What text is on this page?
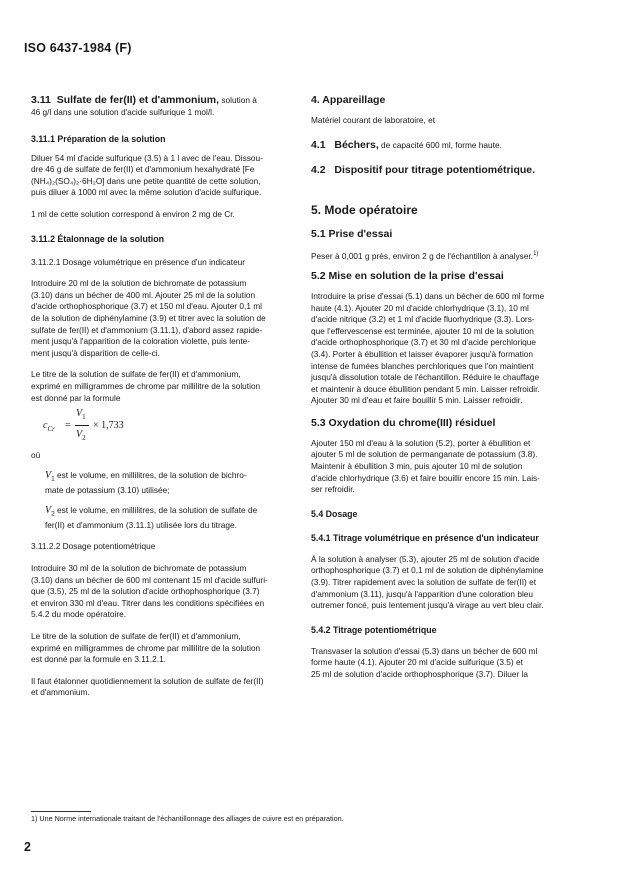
ISO 6437-1984 (F)

3.11 Sulfate de fer(II) et d'ammonium, solution à

46 g/l dans une solution d'acide sulfurique 1 mol/l.

3.11.1 Préparation de la solution

Diluer 54 ml d'acide sulfurique (3.5) à 1 l avec de l'eau. Dissou-

dre 46 g de sulfate de fer(II) et d'ammonium hexahydraté [Fe

(NH₄)₂(SO₄)₂·6H₂O] dans une petite quantité de cette solution,

puis diluer à 1000 ml avec la même solution d'acide sulfurique.

1 ml de cette solution correspond à environ 2 mg de Cr.

3.11.2 Étalonnage de la solution

3.11.2.1 Dosage volumétrique en présence d'un indicateur

Introduire 20 ml de la solution de bichromate de potassium

(3.10) dans un bécher de 400 ml. Ajouter 25 ml de la solution

d'acide orthophosphorique (3.7) et 150 ml d'eau. Ajouter 0,1 ml

de la solution de diphénylamine (3.9) et titrer avec la solution de

sulfate de fer(II) et d'ammonium (3.11.1), d'abord assez rapide-

ment jusqu'à l'apparition de la coloration violette, puis lente-

ment jusqu'à disparition de celle-ci.

Le titre de la solution de sulfate de fer(II) et d'ammonium,

exprimé en milligrammes de chrome par millilitre de la solution

est donné par la formule

$c_{Cr}$ =
$V_1$
$V_2$
× 1,733

où

$V_1$ est le volume, en millilitres, de la solution de bichro-

mate de potassium (3.10) utilisée;

$V_2$ est le volume, en millilitres, de la solution de sulfate de

fer(II) et d'ammonium (3.11.1) utilisée lors du titrage.

3.11.2.2 Dosage potentiométrique

Introduire 30 ml de la solution de bichromate de potassium

(3.10) dans un bécher de 600 ml contenant 15 ml d'acide sulfuri-

que (3.5), 25 ml de la solution d'acide orthophosphorique (3.7)

et environ 330 ml d'eau. Titrer dans les conditions spécifiées en

5.4.2 du mode opératoire.

Le titre de la solution de sulfate de fer(II) et d'ammonium,

exprimé en milligrammes de chrome par millilitre de la solution

est donné par la formule en 3.11.2.1.

Il faut étalonner quotidiennement la solution de sulfate de fer(II)

et d'ammonium.

4. Appareillage

Matériel courant de laboratoire, et

4.1 Béchers, de capacité 600 ml, forme haute.

4.2 Dispositif pour titrage potentiométrique.

5. Mode opératoire

5.1 Prise d'essai

Peser à 0,001 g près, environ 2 g de l'échantillon à analyser.$^{1)}$

5.2 Mise en solution de la prise d'essai

Introduire la prise d'essai (5.1) dans un bécher de 600 ml forme

haute (4.1). Ajouter 20 ml d'acide chlorhydrique (3.1), 10 ml

d'acide nitrique (3.2) et 1 ml d'acide fluorhydrique (3.3). Lors-

que l'effervescense est terminée, ajouter 10 ml de la solution

d'acide orthophosphorique (3.7) et 30 ml d'acide perchlorique

(3.4). Porter à ébullition et laisser évaporer jusqu'à formation

intense de fumées blanches perchloriques que l'on maintient

jusqu'à dissolution totale de l'échantillon. Réduire le chauffage

et maintenir à douce ébullition pendant 5 min. Laisser refroidir.

Ajouter 30 ml d'eau et faire bouillir 5 min. Laisser refroidir.

5.3 Oxydation du chrome(III) résiduel

Ajouter 150 ml d'eau à la solution (5.2), porter à ébullition et

ajouter 5 ml de solution de permanganate de potassium (3.8).

Maintenir à ébullition 3 min, puis ajouter 10 ml de solution

d'acide chlorhydrique (3.6) et faire bouillir encore 15 min. Lais-

ser refroidir.

5.4 Dosage

5.4.1 Titrage volumétrique en présence d'un indicateur

À la solution à analyser (5.3), ajouter 25 ml de solution d'acide

orthophosphorique (3.7) et 0,1 ml de solution de diphénylamine

(3.9). Titrer rapidement avec la solution de sulfate de fer(II) et

d'ammonium (3.11), jusqu'à l'apparition d'une coloration bleu

outremer foncé, puis lentement jusqu'à virage au vert bleu clair.

5.4.2 Titrage potentiométrique

Transvaser la solution d'essai (5.3) dans un bécher de 600 ml

forme haute (4.1). Ajouter 20 ml d'acide sulfurique (3.5) et

25 ml de solution d'acide orthophosphorique (3.7). Diluer la

1) Une Norme internationale traitant de l'échantillonnage des alliages de cuivre est en préparation.

2
